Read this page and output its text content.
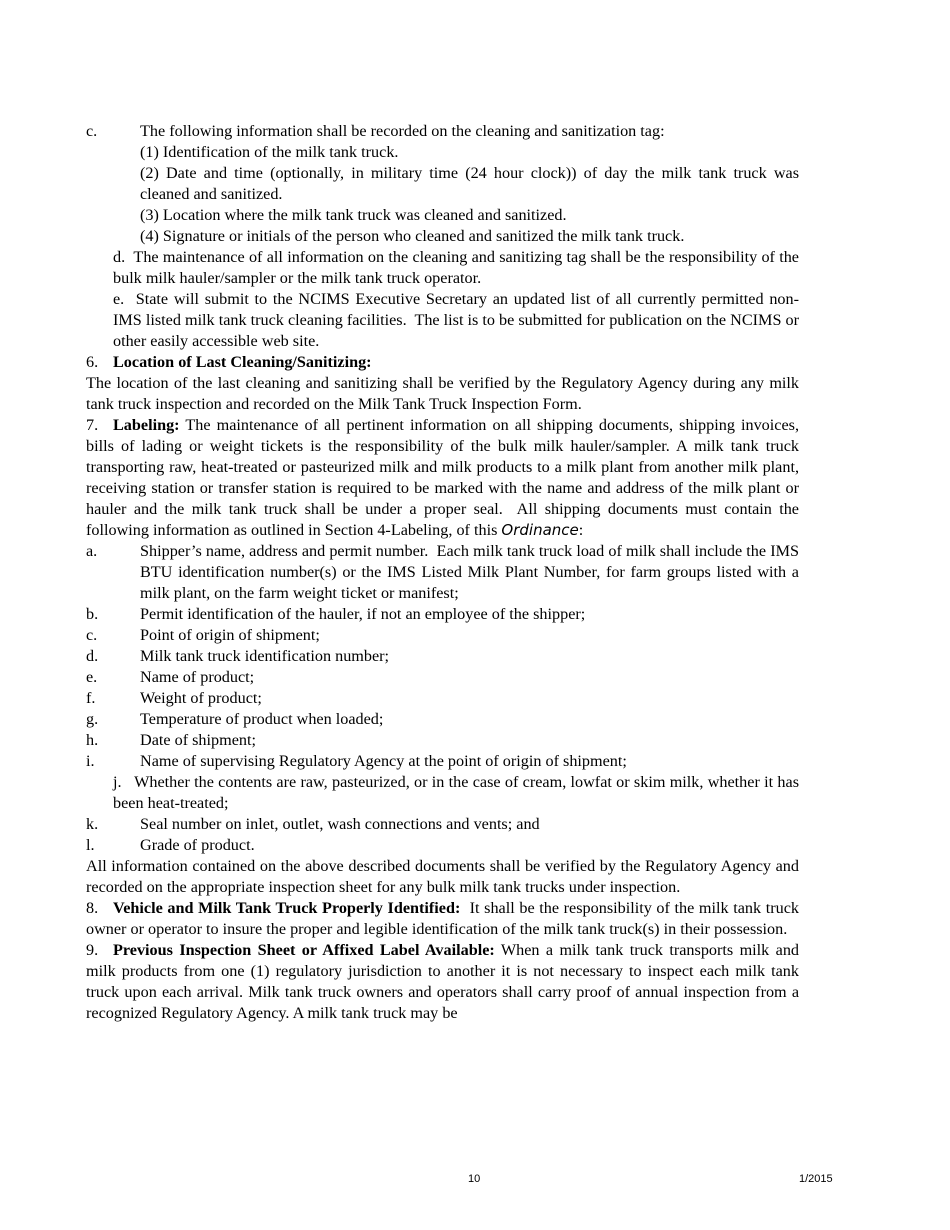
c.	The following information shall be recorded on the cleaning and sanitization tag:

(1) Identification of the milk tank truck.

(2) Date and time (optionally, in military time (24 hour clock)) of day the milk tank truck was cleaned and sanitized.

(3) Location where the milk tank truck was cleaned and sanitized.

(4) Signature or initials of the person who cleaned and sanitized the milk tank truck.

d.  The maintenance of all information on the cleaning and sanitizing tag shall be the responsibility of the bulk milk hauler/sampler or the milk tank truck operator.

e.  State will submit to the NCIMS Executive Secretary an updated list of all currently permitted non-IMS listed milk tank truck cleaning facilities.  The list is to be submitted for publication on the NCIMS or other easily accessible web site.

6. Location of Last Cleaning/Sanitizing:

The location of the last cleaning and sanitizing shall be verified by the Regulatory Agency during any milk tank truck inspection and recorded on the Milk Tank Truck Inspection Form.

7. Labeling: The maintenance of all pertinent information on all shipping documents, shipping invoices, bills of lading or weight tickets is the responsibility of the bulk milk hauler/sampler. A milk tank truck transporting raw, heat-treated or pasteurized milk and milk products to a milk plant from another milk plant, receiving station or transfer station is required to be marked with the name and address of the milk plant or hauler and the milk tank truck shall be under a proper seal.  All shipping documents must contain the following information as outlined in Section 4-Labeling, of this Ordinance:

a.	Shipper’s name, address and permit number.  Each milk tank truck load of milk shall include the IMS BTU identification number(s) or the IMS Listed Milk Plant Number, for farm groups listed with a milk plant, on the farm weight ticket or manifest;

b.	Permit identification of the hauler, if not an employee of the shipper;

c.	Point of origin of shipment;

d.	Milk tank truck identification number;

e.	Name of product;

f.	Weight of product;

g.	Temperature of product when loaded;

h.	Date of shipment;

i.	Name of supervising Regulatory Agency at the point of origin of shipment;

j.   Whether the contents are raw, pasteurized, or in the case of cream, lowfat or skim milk, whether it has been heat-treated;

k.	Seal number on inlet, outlet, wash connections and vents; and

l.	Grade of product.

All information contained on the above described documents shall be verified by the Regulatory Agency and recorded on the appropriate inspection sheet for any bulk milk tank trucks under inspection.

8. Vehicle and Milk Tank Truck Properly Identified:  It shall be the responsibility of the milk tank truck owner or operator to insure the proper and legible identification of the milk tank truck(s) in their possession.

9. Previous Inspection Sheet or Affixed Label Available: When a milk tank truck transports milk and milk products from one (1) regulatory jurisdiction to another it is not necessary to inspect each milk tank truck upon each arrival. Milk tank truck owners and operators shall carry proof of annual inspection from a recognized Regulatory Agency. A milk tank truck may be

10	1/2015
